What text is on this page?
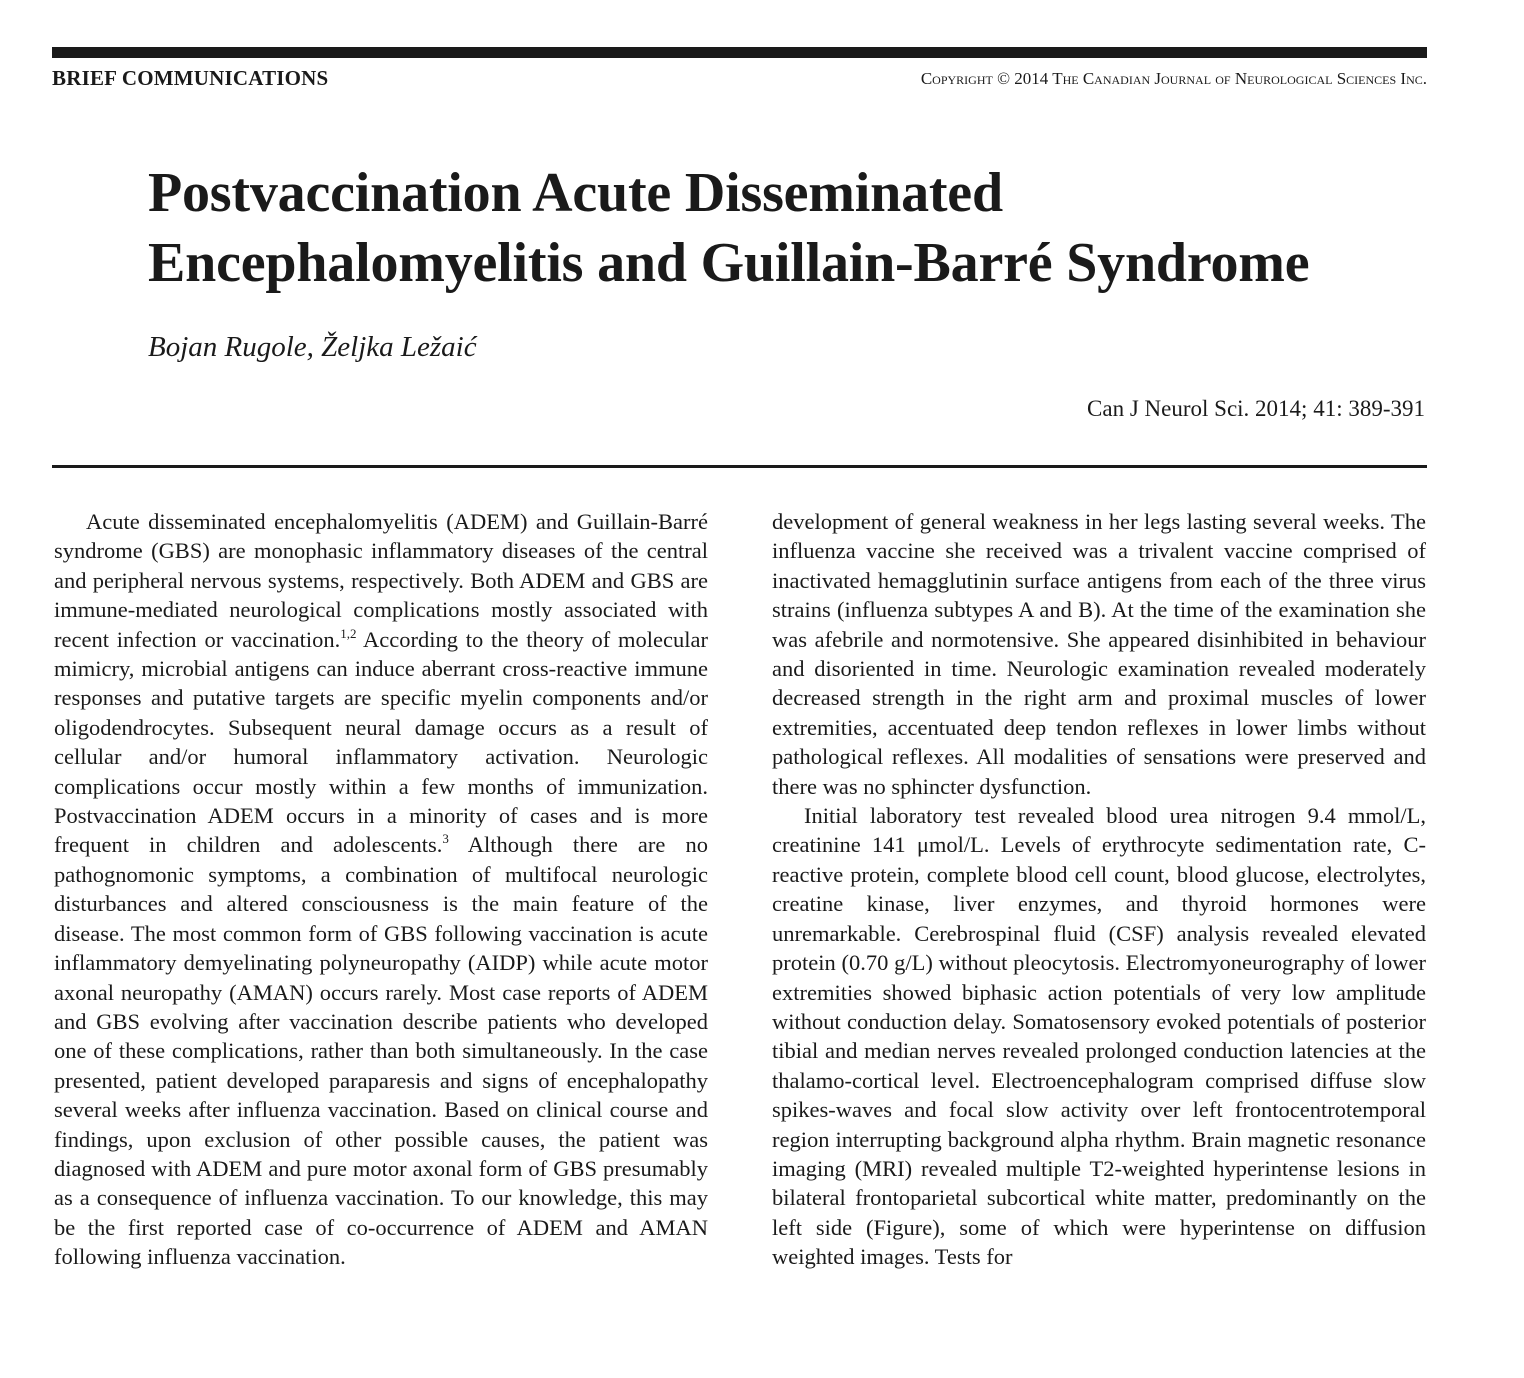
BRIEF COMMUNICATIONS	Copyright © 2014 The Canadian Journal of Neurological Sciences Inc.
Postvaccination Acute Disseminated
Encephalomyelitis and Guillain-Barré Syndrome
Bojan Rugole, Željka Ležaić
Can J Neurol Sci. 2014; 41: 389-391

Acute disseminated encephalomyelitis (ADEM) and Guillain-Barré syndrome (GBS) are monophasic inflammatory diseases of the central and peripheral nervous systems, respectively. Both ADEM and GBS are immune-mediated neurological complications mostly associated with recent infection or vaccination.$^{1,2}$ According to the theory of molecular mimicry, microbial antigens can induce aberrant cross-reactive immune responses and putative targets are specific myelin components and/or oligodendrocytes. Subsequent neural damage occurs as a result of cellular and/or humoral inflammatory activation. Neurologic complications occur mostly within a few months of immunization. Postvaccination ADEM occurs in a minority of cases and is more frequent in children and adolescents.$^3$ Although there are no pathognomonic symptoms, a combination of multifocal neurologic disturbances and altered consciousness is the main feature of the disease. The most common form of GBS following vaccination is acute inflammatory demyelinating polyneuropathy (AIDP) while acute motor axonal neuropathy (AMAN) occurs rarely. Most case reports of ADEM and GBS evolving after vaccination describe patients who developed one of these complications, rather than both simultaneously. In the case presented, patient developed paraparesis and signs of encephalopathy several weeks after influenza vaccination. Based on clinical course and findings, upon exclusion of other possible causes, the patient was diagnosed with ADEM and pure motor axonal form of GBS presumably as a consequence of influenza vaccination. To our knowledge, this may be the first reported case of co-occurrence of ADEM and AMAN following influenza vaccination.

development of general weakness in her legs lasting several weeks. The influenza vaccine she received was a trivalent vaccine comprised of inactivated hemagglutinin surface antigens from each of the three virus strains (influenza subtypes A and B). At the time of the examination she was afebrile and normotensive. She appeared disinhibited in behaviour and disoriented in time. Neurologic examination revealed moderately decreased strength in the right arm and proximal muscles of lower extremities, accentuated deep tendon reflexes in lower limbs without pathological reflexes. All modalities of sensations were preserved and there was no sphincter dysfunction.

Initial laboratory test revealed blood urea nitrogen 9.4 mmol/L, creatinine 141 μmol/L. Levels of erythrocyte sedimentation rate, C-reactive protein, complete blood cell count, blood glucose, electrolytes, creatine kinase, liver enzymes, and thyroid hormones were unremarkable. Cerebrospinal fluid (CSF) analysis revealed elevated protein (0.70 g/L) without pleocytosis. Electromyoneurography of lower extremities showed biphasic action potentials of very low amplitude without conduction delay. Somatosensory evoked potentials of posterior tibial and median nerves revealed prolonged conduction latencies at the thalamo-cortical level. Electroencephalogram comprised diffuse slow spikes-waves and focal slow activity over left frontocentrotemporal region interrupting background alpha rhythm. Brain magnetic resonance imaging (MRI) revealed multiple T2-weighted hyperintense lesions in bilateral frontoparietal subcortical white matter, predominantly on the left side (Figure), some of which were hyperintense on diffusion weighted images. Tests for
